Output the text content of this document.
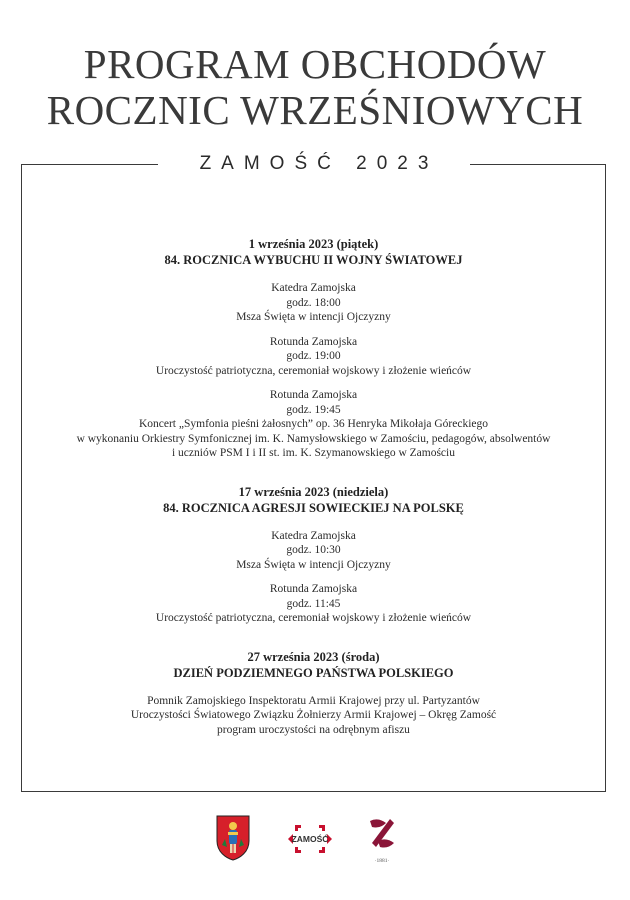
PROGRAM OBCHODÓW
ROCZNIC WRZEŚNIOWYCH
ZAMOŚĆ 2023
1 września 2023 (piątek)
84. ROCZNICA WYBUCHU II WOJNY ŚWIATOWEJ
Katedra Zamojska
godz. 18:00
Msza Święta w intencji Ojczyzny
Rotunda Zamojska
godz. 19:00
Uroczystość patriotyczna, ceremoniał wojskowy i złożenie wieńców
Rotunda Zamojska
godz. 19:45
Koncert „Symfonia pieśni żałosnych” op. 36 Henryka Mikołaja Góreckiego
w wykonaniu Orkiestry Symfonicznej im. K. Namysłowskiego w Zamościu, pedagogów, absolwentów
i uczniów PSM I i II st. im. K. Szymanowskiego w Zamościu
17 września 2023 (niedziela)
84. ROCZNICA AGRESJI SOWIECKIEJ NA POLSKĘ
Katedra Zamojska
godz. 10:30
Msza Święta w intencji Ojczyzny
Rotunda Zamojska
godz. 11:45
Uroczystość patriotyczna, ceremoniał wojskowy i złożenie wieńców
27 września 2023 (środa)
DZIEŃ PODZIEMNEGO PAŃSTWA POLSKIEGO
Pomnik Zamojskiego Inspektoratu Armii Krajowej przy ul. Partyzantów
Uroczystości Światowego Związku Żołnierzy Armii Krajowej – Okręg Zamość
program uroczystości na odrębnym afiszu
ZAMOŚĆ
·1881·
